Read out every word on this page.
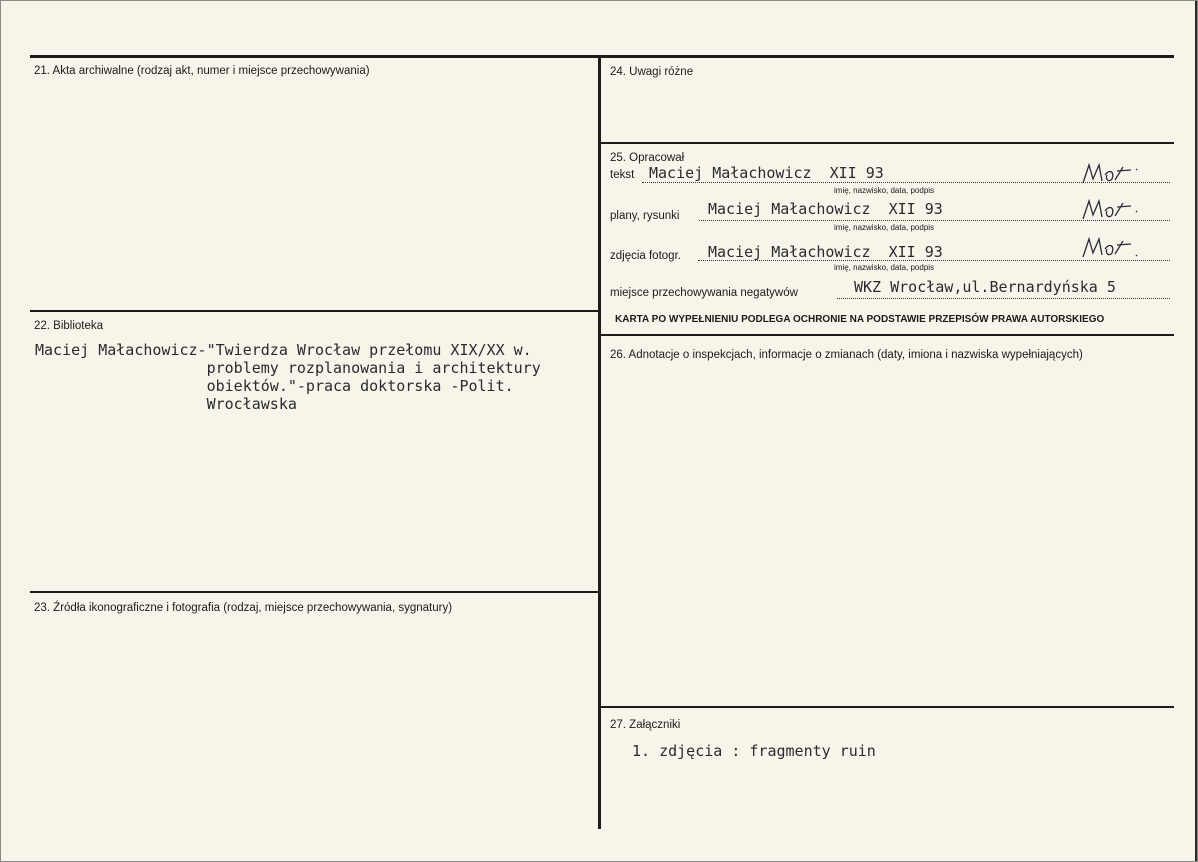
21. Akta archiwalne (rodzaj akt, numer i miejsce przechowywania)
22. Biblioteka
Maciej Małachowicz-"Twierdza Wrocław przełomu XIX/XX w.
problemy rozplanowania i architektury
obiektów."-praca doktorska -Polit.
Wrocławska
23. Źródła ikonograficzne i fotografia (rodzaj, miejsce przechowywania, sygnatury)
24. Uwagi różne
25. Opracował
tekst Maciej Małachowicz  XII 93
imię, nazwisko, data, podpis
plany, rysunki Maciej Małachowicz  XII 93
imię, nazwisko, data, podpis
zdjęcia fotogr. Maciej Małachowicz  XII 93
imię, nazwisko, data, podpis
miejsce przechowywania negatywów	WKZ Wrocław,ul.Bernardyńska 5
KARTA PO WYPEŁNIENIU PODLEGA OCHRONIE NA PODSTAWIE PRZEPISÓW PRAWA AUTORSKIEGO
26. Adnotacje o inspekcjach, informacje o zmianach (daty, imiona i nazwiska wypełniających)
27. Załączniki
1. zdjęcia : fragmenty ruin
